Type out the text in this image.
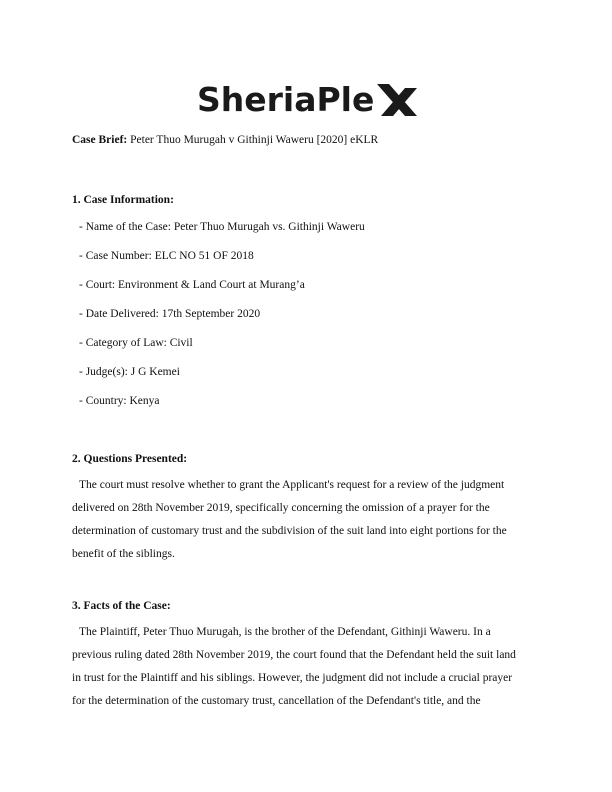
SheriaPle
Case Brief: Peter Thuo Murugah v Githinji Waweru [2020] eKLR
1. Case Information:
- Name of the Case: Peter Thuo Murugah vs. Githinji Waweru
- Case Number: ELC NO 51 OF 2018
- Court: Environment & Land Court at Murang’a
- Date Delivered: 17th September 2020
- Category of Law: Civil
- Judge(s): J G Kemei
- Country: Kenya
2. Questions Presented:
The court must resolve whether to grant the Applicant's request for a review of the judgment
delivered on 28th November 2019, specifically concerning the omission of a prayer for the
determination of customary trust and the subdivision of the suit land into eight portions for the
benefit of the siblings.
3. Facts of the Case:
The Plaintiff, Peter Thuo Murugah, is the brother of the Defendant, Githinji Waweru. In a
previous ruling dated 28th November 2019, the court found that the Defendant held the suit land
in trust for the Plaintiff and his siblings. However, the judgment did not include a crucial prayer
for the determination of the customary trust, cancellation of the Defendant's title, and the
